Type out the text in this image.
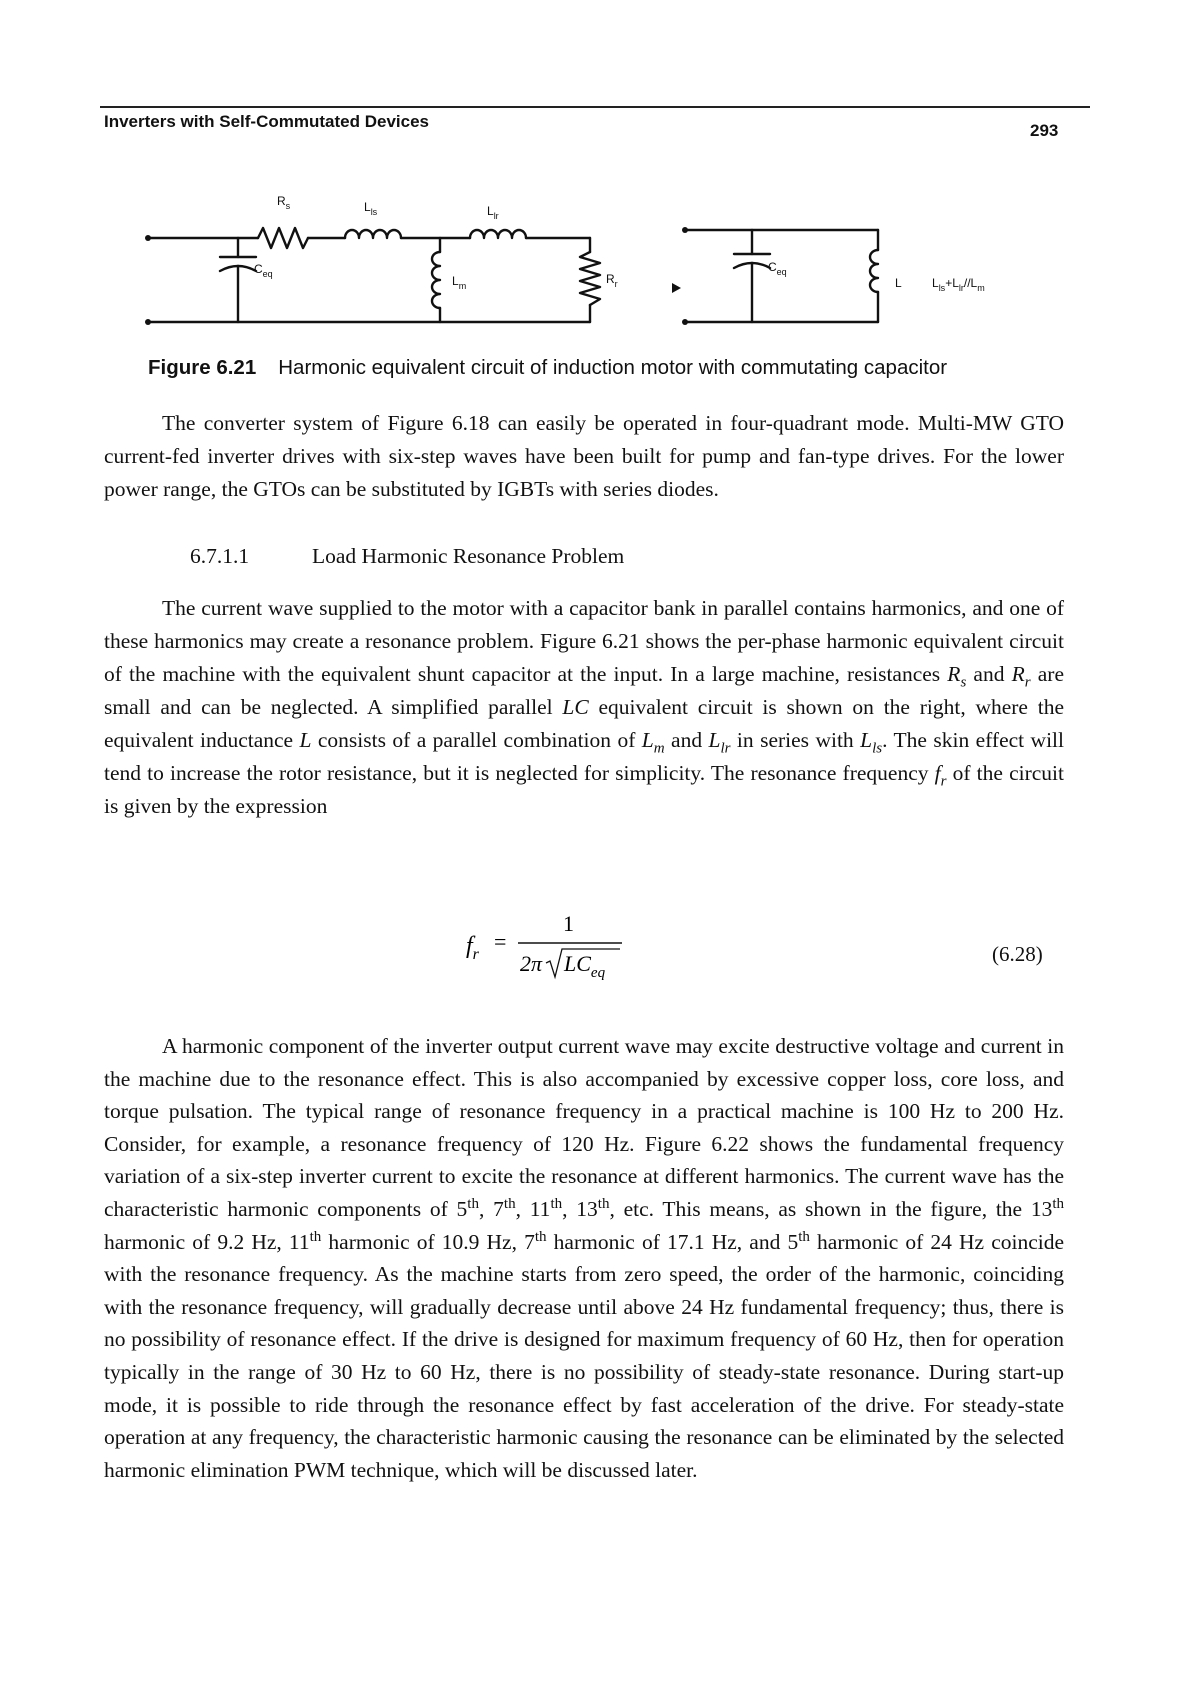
Inverters with Self-Commutated Devices	293
$R_s$	$L_{ls}$	$L_{lr}$
$C_{eq}$	$L_m$	$R_r$
$C_{eq}$
L	$L_{ls}+L_{lr}//L_m$
Figure 6.21 Harmonic equivalent circuit of induction motor with commutating capacitor

The converter system of Figure 6.18 can easily be operated in four-quadrant mode. Multi-MW GTO current-fed inverter drives with six-step waves have been built for pump and fan-type drives. For the lower power range, the GTOs can be substituted by IGBTs with series diodes.

6.7.1.1	Load Harmonic Resonance Problem

The current wave supplied to the motor with a capacitor bank in parallel contains harmonics, and one of these harmonics may create a resonance problem. Figure 6.21 shows the per-phase harmonic equivalent circuit of the machine with the equivalent shunt capacitor at the input. In a large machine, resistances $R_s$ and $R_r$ are small and can be neglected. A simplified parallel LC equivalent circuit is shown on the right, where the equivalent inductance L consists of a parallel combination of $L_m$ and $L_{lr}$ in series with $L_{ls}$. The skin effect will tend to increase the rotor resistance, but it is neglected for simplicity. The resonance frequency $f_r$ of the circuit is given by the expression

$f_r$
=
1
2π $LC_{eq}$
(6.28)

A harmonic component of the inverter output current wave may excite destructive voltage and current in the machine due to the resonance effect. This is also accompanied by excessive copper loss, core loss, and torque pulsation. The typical range of resonance frequency in a practical machine is 100 Hz to 200 Hz. Consider, for example, a resonance frequency of 120 Hz. Figure 6.22 shows the fundamental frequency variation of a six-step inverter current to excite the resonance at different harmonics. The current wave has the characteristic harmonic components of 5th, 7th, 11th, 13th, etc. This means, as shown in the figure, the 13th harmonic of 9.2 Hz, 11th harmonic of 10.9 Hz, 7th harmonic of 17.1 Hz, and 5th harmonic of 24 Hz coincide with the resonance frequency. As the machine starts from zero speed, the order of the harmonic, coinciding with the resonance frequency, will gradually decrease until above 24 Hz fundamental frequency; thus, there is no possibility of resonance effect. If the drive is designed for maximum frequency of 60 Hz, then for operation typically in the range of 30 Hz to 60 Hz, there is no possibility of steady-state resonance. During start-up mode, it is possible to ride through the resonance effect by fast acceleration of the drive. For steady-state operation at any frequency, the characteristic harmonic causing the resonance can be eliminated by the selected harmonic elimination PWM technique, which will be discussed later.
